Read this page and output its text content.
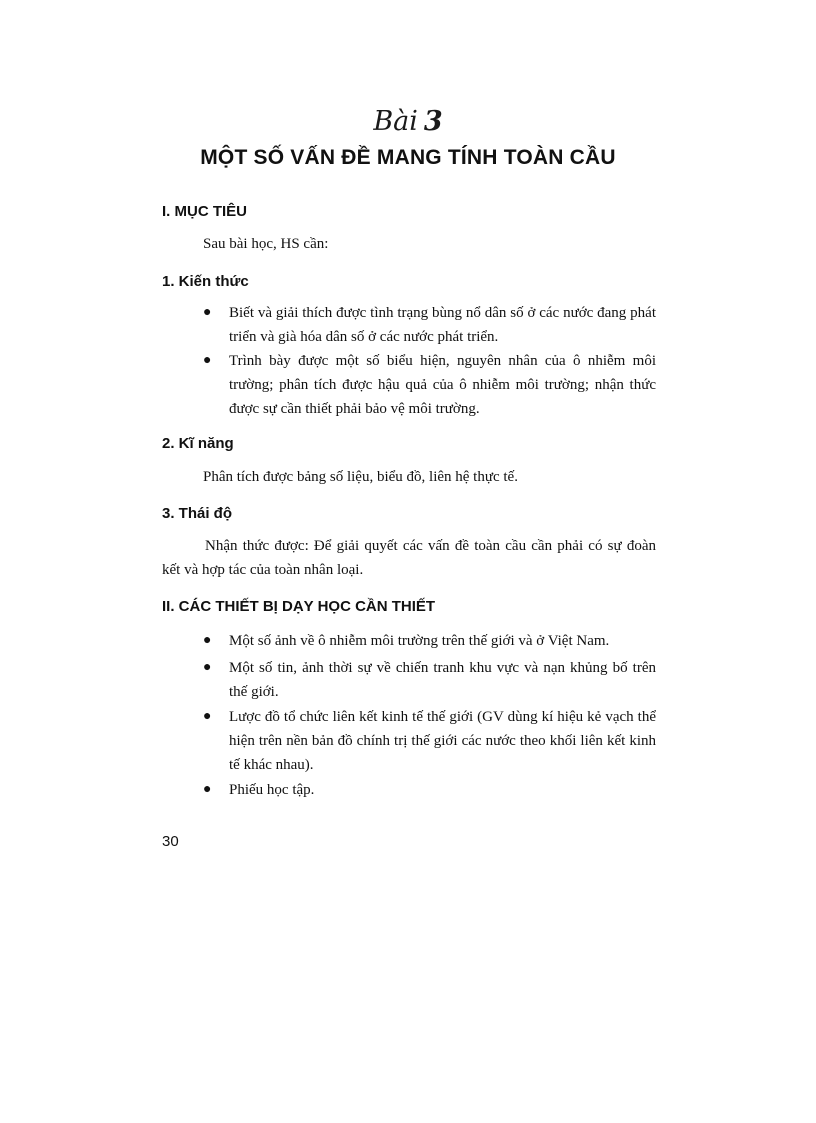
Bài 3
MỘT SỐ VẤN ĐỀ MANG TÍNH TOÀN CẦU
I. MỤC TIÊU
Sau bài học, HS cần:
1. Kiến thức
● Biết và giải thích được tình trạng bùng nổ dân số ở các nước đang phát triển và già hóa dân số ở các nước phát triển.
● Trình bày được một số biểu hiện, nguyên nhân của ô nhiễm môi trường; phân tích được hậu quả của ô nhiễm môi trường; nhận thức được sự cần thiết phải bảo vệ môi trường.
2. Kĩ năng
Phân tích được bảng số liệu, biểu đồ, liên hệ thực tế.
3. Thái độ
Nhận thức được: Để giải quyết các vấn đề toàn cầu cần phải có sự đoàn kết và hợp tác của toàn nhân loại.
II. CÁC THIẾT BỊ DẠY HỌC CẦN THIẾT
● Một số ảnh về ô nhiễm môi trường trên thế giới và ở Việt Nam.
● Một số tin, ảnh thời sự về chiến tranh khu vực và nạn khủng bố trên thế giới.
● Lược đồ tổ chức liên kết kinh tế thế giới (GV dùng kí hiệu kẻ vạch thể hiện trên nền bản đồ chính trị thế giới các nước theo khối liên kết kinh tế khác nhau).
● Phiếu học tập.
30
